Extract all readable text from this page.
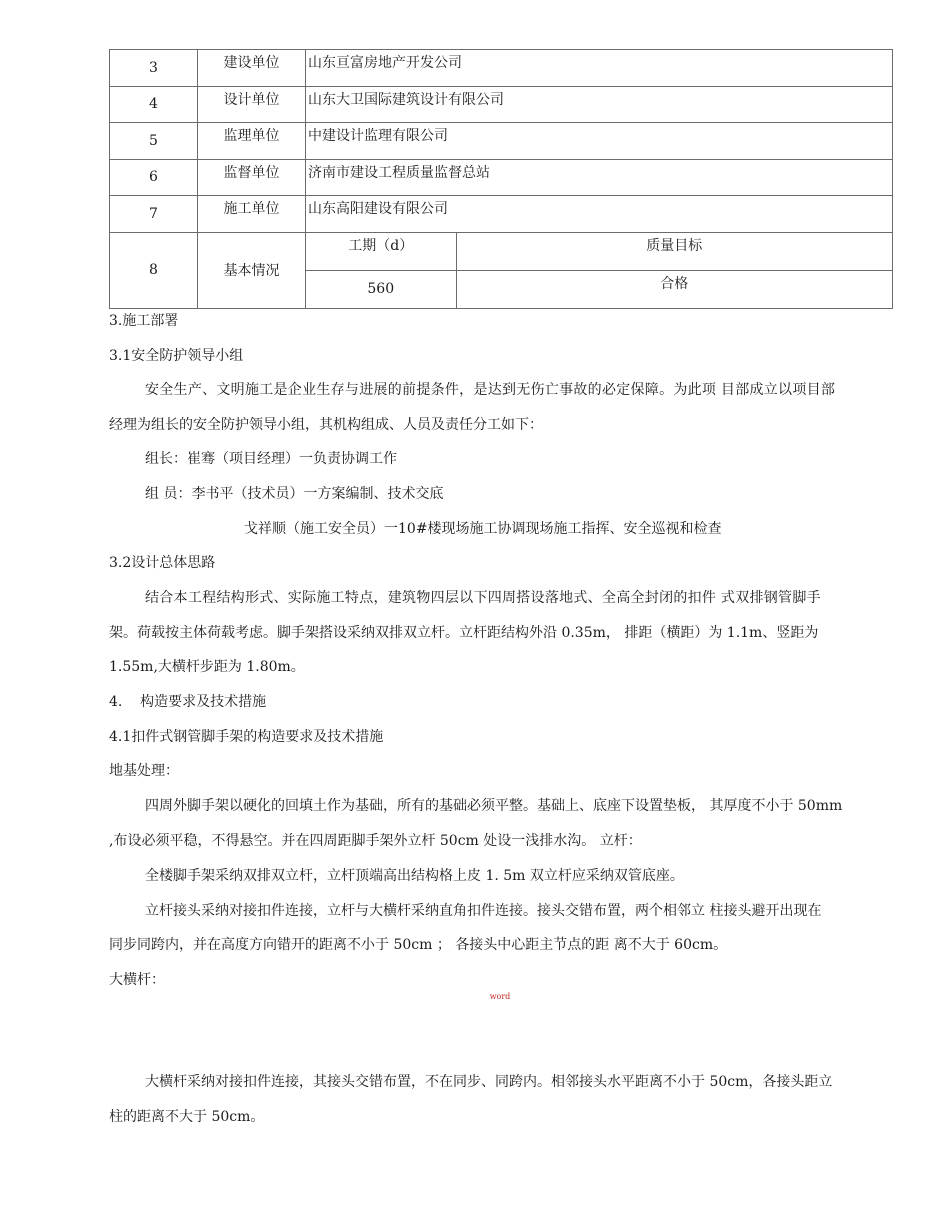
3	建设单位	山东亘富房地产开发公司
4	设计单位	山东大卫国际建筑设计有限公司
5	监理单位	中建设计监理有限公司
6	监督单位	济南市建设工程质量监督总站
7	施工单位	山东高阳建设有限公司
8	基本情况	
工期（d）	质量目标
560	合格
3.施工部署
3.1安全防护领导小组
安全生产、文明施工是企业生存与进展的前提条件，是达到无伤亡事故的必定保障。为此项 目部成立以项目部
经理为组长的安全防护领导小组，其机构组成、人员及责任分工如下：
组长：崔骞（项目经理）一负责协调工作
组 员：李书平（技术员）一方案编制、技术交底
戈祥顺（施工安全员）一10#楼现场施工协调现场施工指挥、安全巡视和检查
3.2设计总体思路
结合本工程结构形式、实际施工特点，建筑物四层以下四周搭设落地式、全高全封闭的扣件 式双排钢管脚手
架。荷载按主体荷载考虑。脚手架搭设采纳双排双立杆。立杆距结构外沿 0.35m， 排距（横距）为 1.1m、竖距为
1.55m,大横杆步距为 1.80m。
4.    构造要求及技术措施
4.1扣件式钢管脚手架的构造要求及技术措施
地基处理：
四周外脚手架以硬化的回填土作为基础，所有的基础必须平整。基础上、底座下设置垫板， 其厚度不小于 50mm
,布设必须平稳，不得悬空。并在四周距脚手架外立杆 50cm 处设一浅排水沟。 立杆：
全楼脚手架采纳双排双立杆，立杆顶端高出结构格上皮 1. 5m 双立杆应采纳双管底座。
立杆接头采纳对接扣件连接，立杆与大横杆采纳直角扣件连接。接头交错布置，两个相邻立 柱接头避开出现在
同步同跨内，并在高度方向错开的距离不小于 50cm ； 各接头中心距主节点的距 离不大于 60cm。
大横杆：
word
大横杆采纳对接扣件连接，其接头交错布置，不在同步、同跨内。相邻接头水平距离不小于 50cm，各接头距立
柱的距离不大于 50cm。
